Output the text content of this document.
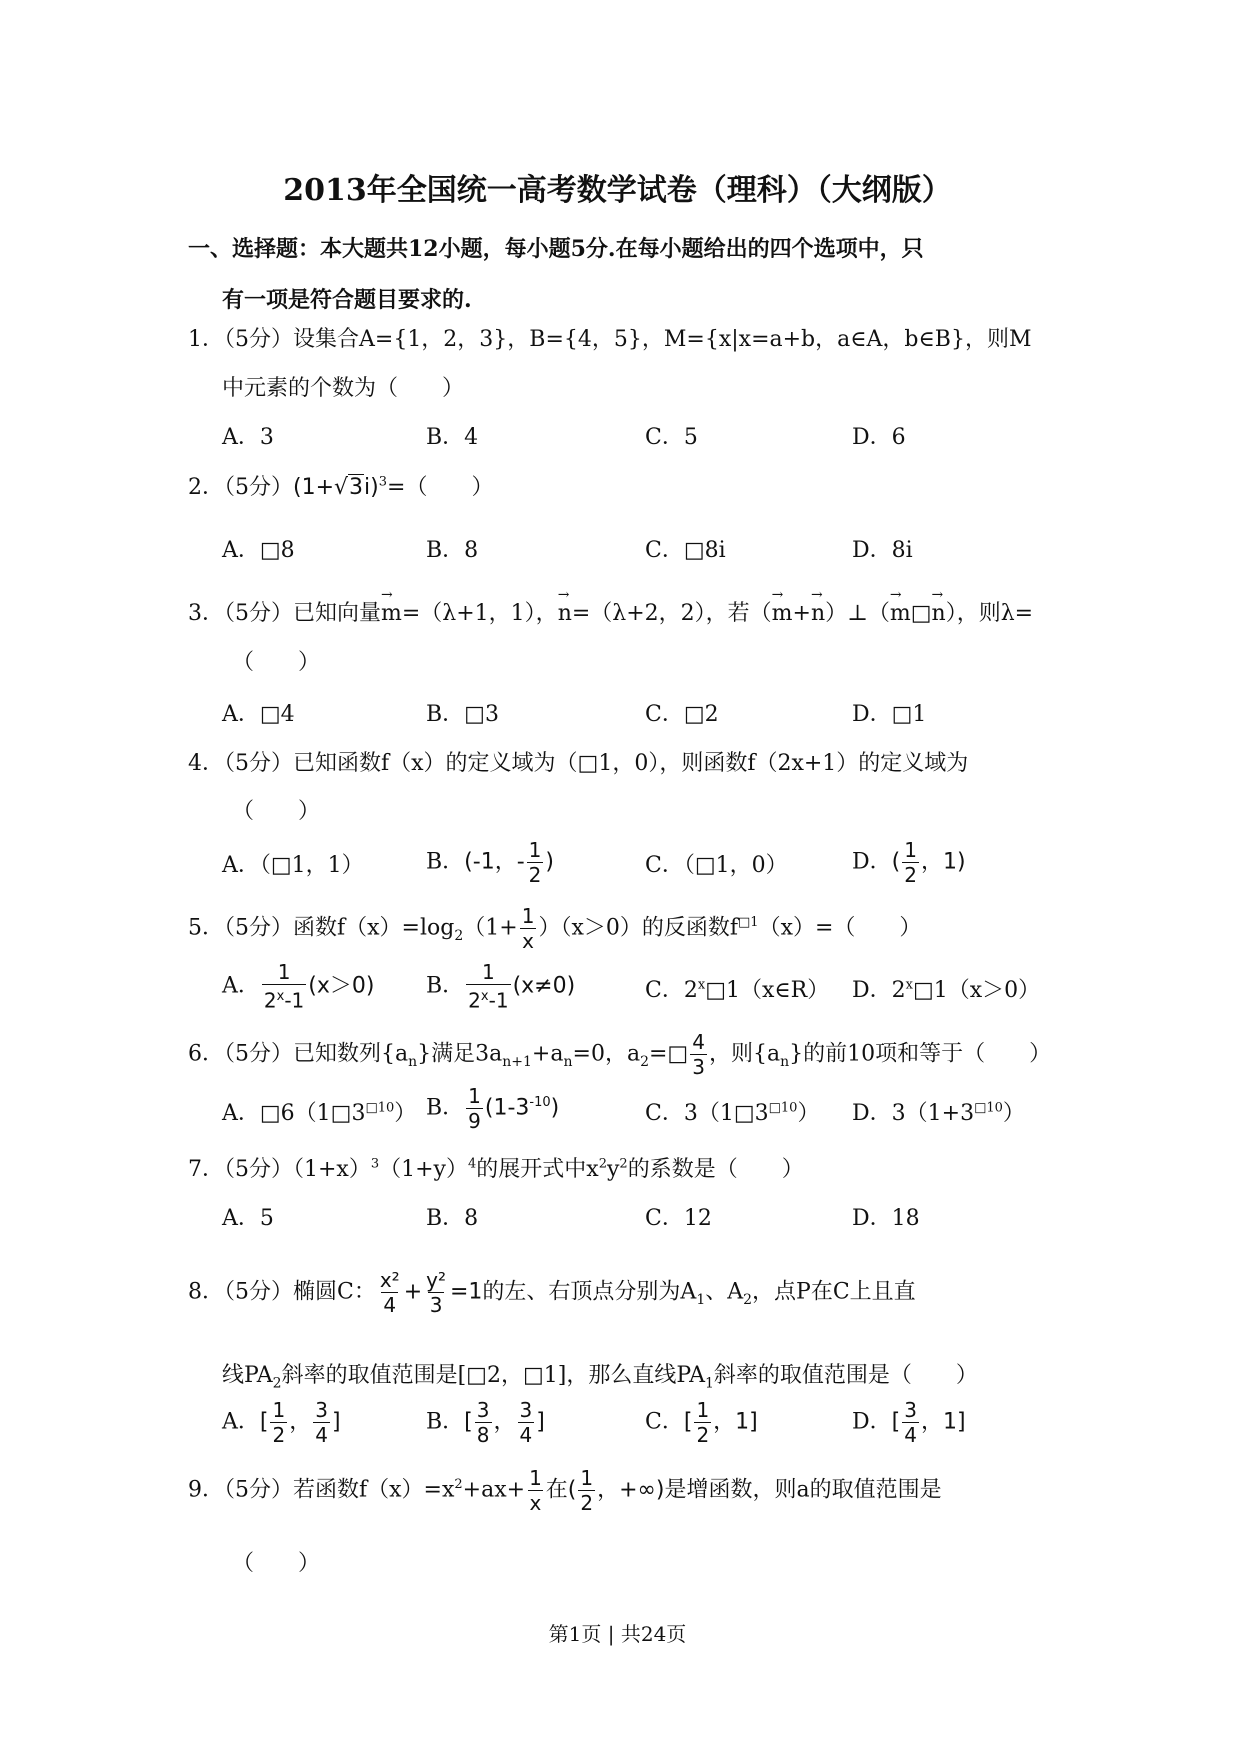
2013年全国统一高考数学试卷（理科）（大纲版）
一、选择题：本大题共12小题，每小题5分.在每小题给出的四个选项中，只
有一项是符合题目要求的.
1．（5分）设集合A={1，2，3}，B={4，5}，M={x|x=a+b，a∈A，b∈B}，则M
中元素的个数为（　　）
A．3	B．4	C．5	D．6
2．（5分）$(1+√3i)^3=$（　　）
A．□8	B．8	C．□8i	D．8i
3．（5分）已知向量→ m=（λ+1，1），→ n=（λ+2，2），若（→ m+→ n）⊥（→ m□→ n），则λ=
（　　）
A．□4	B．□3	C．□2	D．□1
4．（5分）已知函数f（x）的定义域为（□1，0），则函数f（2x+1）的定义域为
（　　）
A．（□1，1）	B．(-1，- $\frac{1}{2}$ )	C．（□1，0）	D．( $\frac{1}{2}$ ，1)
5．（5分）函数$f(x)=\log_2(1+ \frac{1}{x} )(x>0)$的反函数$f^{□1}(x)=$（　　）
A． $\frac{1}{2^x-1} (x>0)$ B． $\frac{1}{2^x-1} (x\ne 0)$	C．2$^x$□1（x∈R） D．$2^x□1(x>0)$
6．（5分）已知数列$\{a_n\}$满足$3a_{n+1}+a_n=0$，$a_2=□ \frac{4}{3}$ ，则$\{a_n\}$的前10项和等于（　　）
A．$□6(1□3^{□10})$ B． $\frac{1}{9} (1-3^{-10})$	C．$3(1□3^{□10})$ D．$3(1+3^{□10})$
7．（5分）$(1+x)^3(1+y)^4$的展开式中$x^2y^2$的系数是（　　）
A．5	B．8	C．12	D．18
8．（5分）椭圆C： $\frac{\text{x²}}{4} + \frac{\text{y²}}{3} =1$的左、右顶点分别为$A_1$、$A_2$，点P在C上且直
线$PA_2$斜率的取值范围是[□2，□1]，那么直线$PA_1$斜率的取值范围是（　　）
A．[ $\frac{1}{2}$ ， $\frac{3}{4}$ ]	B．[ $\frac{3}{8}$ ， $\frac{3}{4}$ ]	C．[ $\frac{1}{2}$ ，1]	D．[ $\frac{3}{4}$ ，1]
9．（5分）若函数$f(x)=x^2+ax+ \frac{1}{x}$ 在( $\frac{1}{2}$ ，+∞)是增函数，则a的取值范围是
（　　）
第1页 | 共24页
